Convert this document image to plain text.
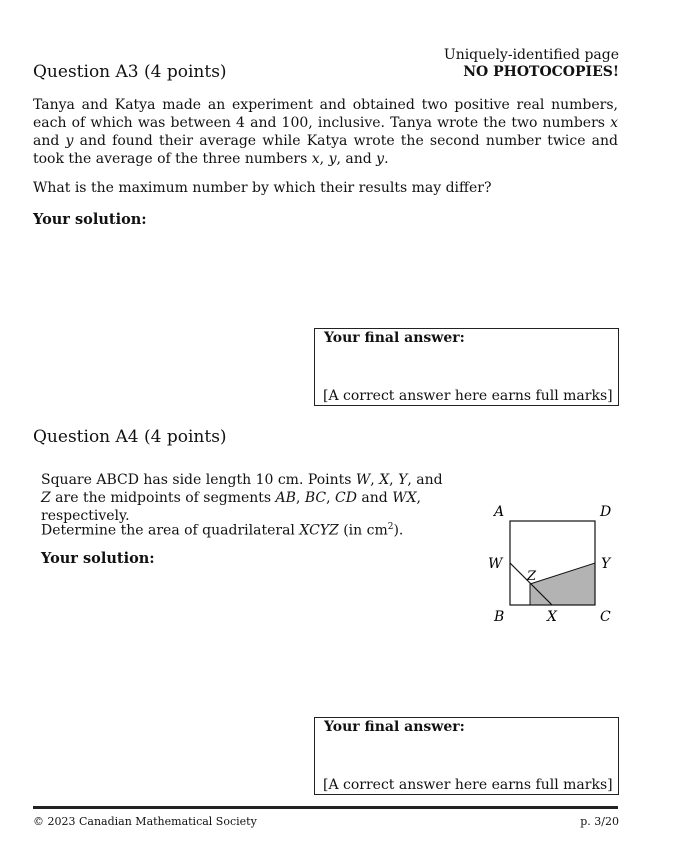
Uniquely-identified page
NO PHOTOCOPIES!
Question A3 (4 points)
Tanya and Katya made an experiment and obtained two positive real numbers, each of which was between 4 and 100, inclusive. Tanya wrote the two numbers x and y and found their average while Katya wrote the second number twice and took the average of the three numbers x, y, and y.
What is the maximum number by which their results may differ?
Your solution:
Your final answer:
[A correct answer here earns full marks]
Question A4 (4 points)
Square ABCD has side length 10 cm. Points W, X, Y, and Z are the midpoints of segments AB, BC, CD and WX, respectively.
Determine the area of quadrilateral XCYZ (in $cm^2$).
Your solution:
A	D
W	Y
Z
B	X	C
Your final answer:
[A correct answer here earns full marks]
© 2023 Canadian Mathematical Society	p. 3/20
